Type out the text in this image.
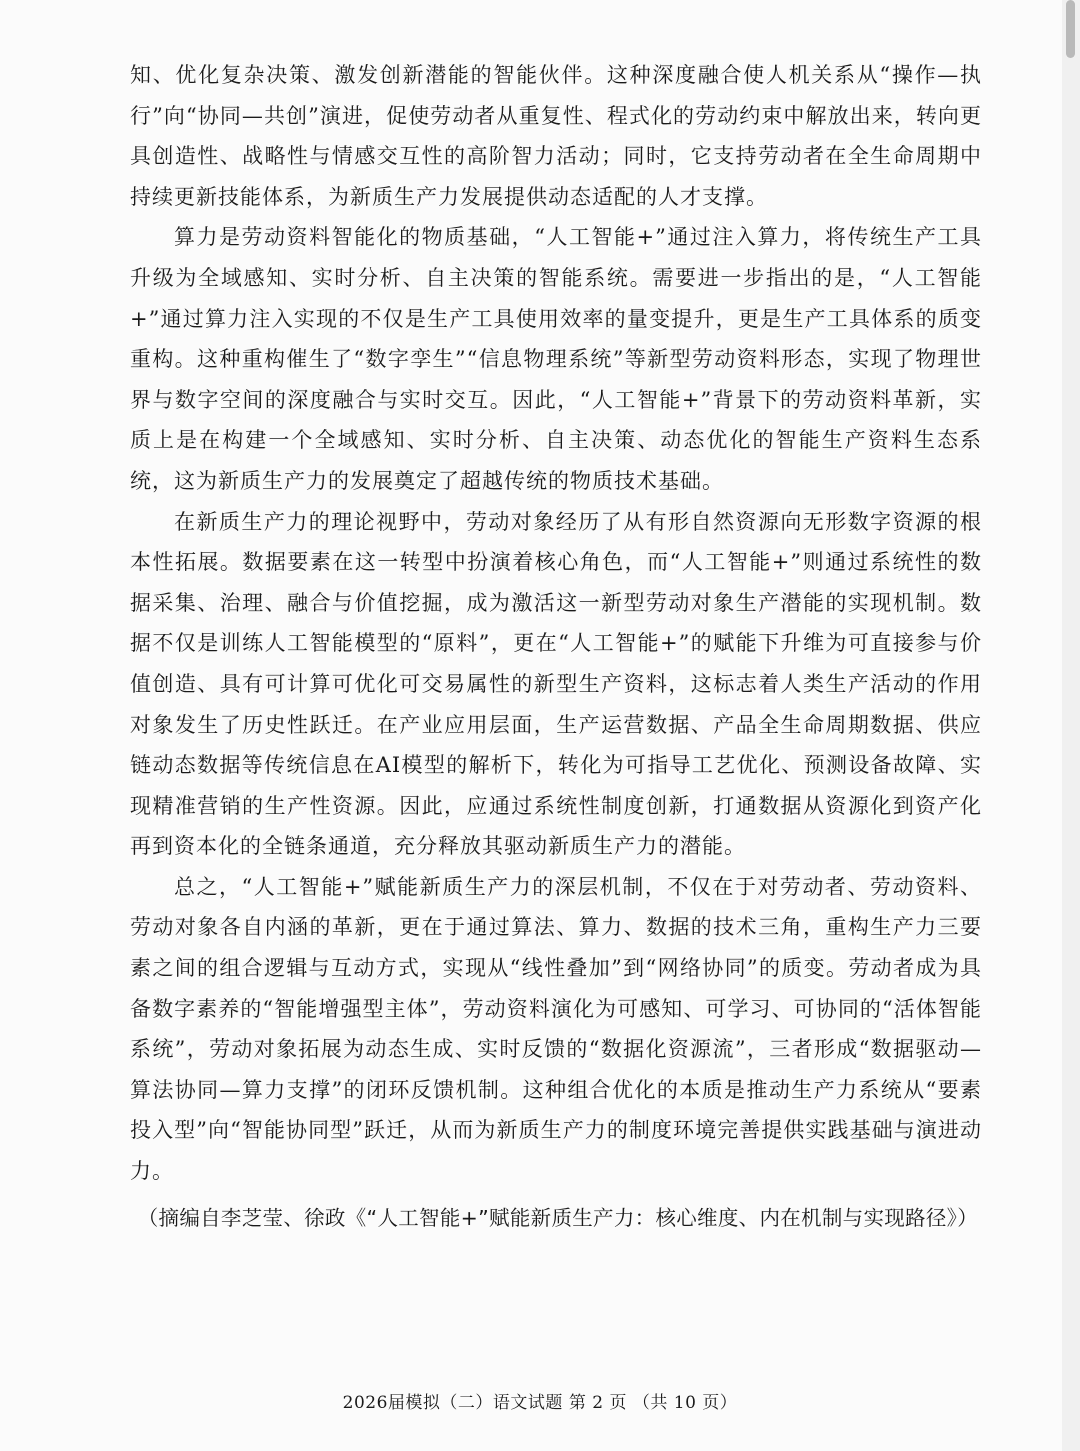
知、优化复杂决策、激发创新潜能的智能伙伴。这种深度融合使人机关系从“操作—执行”向“协同—共创”演进，促使劳动者从重复性、程式化的劳动约束中解放出来，转向更具创造性、战略性与情感交互性的高阶智力活动；同时，它支持劳动者在全生命周期中持续更新技能体系，为新质生产力发展提供动态适配的人才支撑。

算力是劳动资料智能化的物质基础，“人工智能+”通过注入算力，将传统生产工具升级为全域感知、实时分析、自主决策的智能系统。需要进一步指出的是，“人工智能+”通过算力注入实现的不仅是生产工具使用效率的量变提升，更是生产工具体系的质变重构。这种重构催生了“数字孪生”“信息物理系统”等新型劳动资料形态，实现了物理世界与数字空间的深度融合与实时交互。因此，“人工智能+”背景下的劳动资料革新，实质上是在构建一个全域感知、实时分析、自主决策、动态优化的智能生产资料生态系统，这为新质生产力的发展奠定了超越传统的物质技术基础。

在新质生产力的理论视野中，劳动对象经历了从有形自然资源向无形数字资源的根本性拓展。数据要素在这一转型中扮演着核心角色，而“人工智能+”则通过系统性的数据采集、治理、融合与价值挖掘，成为激活这一新型劳动对象生产潜能的实现机制。数据不仅是训练人工智能模型的“原料”，更在“人工智能+”的赋能下升维为可直接参与价值创造、具有可计算可优化可交易属性的新型生产资料，这标志着人类生产活动的作用对象发生了历史性跃迁。在产业应用层面，生产运营数据、产品全生命周期数据、供应链动态数据等传统信息在AI模型的解析下，转化为可指导工艺优化、预测设备故障、实现精准营销的生产性资源。因此，应通过系统性制度创新，打通数据从资源化到资产化再到资本化的全链条通道，充分释放其驱动新质生产力的潜能。

总之，“人工智能+”赋能新质生产力的深层机制，不仅在于对劳动者、劳动资料、劳动对象各自内涵的革新，更在于通过算法、算力、数据的技术三角，重构生产力三要素之间的组合逻辑与互动方式，实现从“线性叠加”到“网络协同”的质变。劳动者成为具备数字素养的“智能增强型主体”，劳动资料演化为可感知、可学习、可协同的“活体智能系统”，劳动对象拓展为动态生成、实时反馈的“数据化资源流”，三者形成“数据驱动—算法协同—算力支撑”的闭环反馈机制。这种组合优化的本质是推动生产力系统从“要素投入型”向“智能协同型”跃迁，从而为新质生产力的制度环境完善提供实践基础与演进动力。

（摘编自李芝莹、徐政《“人工智能+”赋能新质生产力：核心维度、内在机制与实现路径》）

2026届模拟（二）语文试题 第 2 页 （共 10 页）
